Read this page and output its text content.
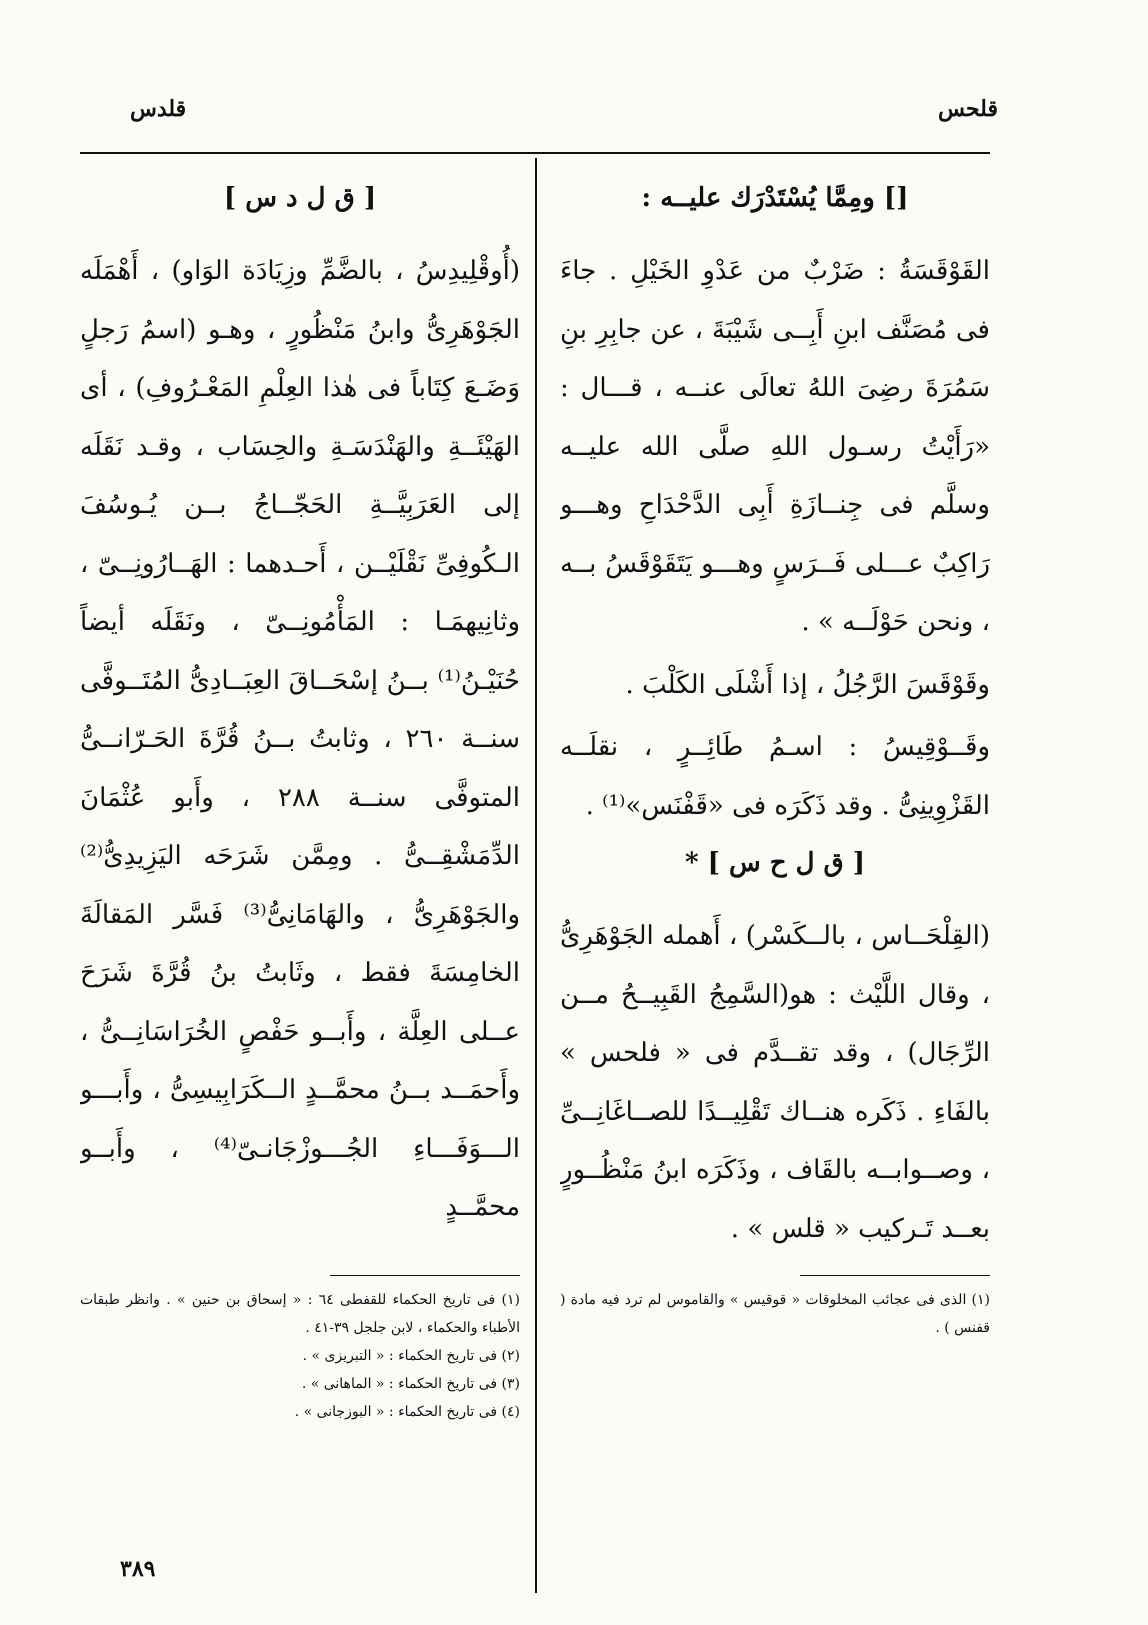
قلحس
قلدس
[] ومِمَّا يُسْتَدْرَك عليــه :

القَوْقَسَةُ : ضَرْبٌ من عَدْوِ الخَيْلِ . جاءَ فى مُصَنَّف ابنِ أَبِــى شَيْبَةَ ، عن جابِرِ بنِ سَمُرَةَ رضِىَ اللهُ تعالَى عنــه ، قـــال : «رَأَيْتُ رسـول اللهِ صلَّى الله عليــه وسلَّم فى جِنــازَةِ أَبِى الدَّحْدَاحِ وهـــو رَاكِبٌ عـــلى فَــرَسٍ وهـــو يَتَقَوْقَسُ بــه ، ونحن حَوْلَــه » .

وقَوْقَسَ الرَّجُلُ ، إذا أَشْلَى الكَلْبَ .

وقَــوْقِيسُ : اسـمُ طَائِــرٍ ، نقلَــه القَزْوِينِىُّ . وقد ذَكَرَه فى «قَفْنَس»⁽¹⁾ .

[ ق ل ح س ] *

(القِلْحَــاس ، بالــكَسْر) ، أَهمله الجَوْهَرِىُّ ، وقال اللَّيْث : هو(السَّمِجُ القَبِيــحُ مــن الرِّجَال) ، وقد تقــدَّم فى « فلحس » بالفَاءِ . ذَكَره هنــاك تَقْلِيــدًا للصــاغَانِــىِّ ، وصــوابــه بالقَاف ، وذَكَرَه ابنُ مَنْظُــورٍ بعــد تَـركيب « قلس » .

(١) الذى فى عجائب المخلوقات « قوقيس » والقاموس لم ترد فيه مادة ( قفنس ) .

[ ق ل د س ]

(أُوقْلِيدِسُ ، بالضَّمِّ وزِيَادَة الوَاو) ، أَهْمَلَه الجَوْهَرِىُّ وابنُ مَنْظُورٍ ، وهـو (اسمُ رَجلٍ وَضَـعَ كِتَاباً فى هٰذا العِلْمِ المَعْـرُوفِ) ، أى الهَيْئَــةِ والهَنْدَسَـةِ والحِسَاب ، وقـد نَقَلَه إلى العَرَبِيَّــةِ الحَجّــاجُ بــن يُـوسُفَ الـكُوفِىِّ نَقْلَيْــن ، أَحـدهما : الهَــارُونِــىّ ، وثانِيهمَـا : المَأْمُونِــىّ ، ونَقَلَه أيضاً حُنَيْـنُ⁽¹⁾ بــنُ إسْحَــاقَ العِبَــادِىُّ المُتَــوفَّى سنــة ٢٦٠ ، وثابتُ بــنُ قُرَّةَ الحَـرّانــىُّ المتوفَّى سنــة ٢٨٨ ، وأَبو عُثْمَانَ الدِّمَشْقِــىُّ . ومِمَّن شَرَحَه اليَزِيدِىُّ⁽²⁾ والجَوْهَرِىُّ ، والهَامَانِىُّ⁽³⁾ فَسَّر المَقالَةَ الخامِسَةَ فقط ، وثَابتُ بنُ قُرَّةَ شَرَحَ عــلى العِلَّة ، وأَبــو حَفْصٍ الخُرَاسَانِــىُّ ، وأَحمَــد بــنُ محمَّــدٍ الــكَرَابِيسِىُّ ، وأَبـــو الـــوَفَـــاءِ الجُـــوزْجَانـىّ⁽⁴⁾ ، وأَبــو محمَّــدٍ

(١) فى تاريخ الحكماء للقفطى ٦٤ : « إسحاق بن حنين » . وانظر طبقات الأطباء والحكماء ، لابن جلجل ٣٩-٤١ .

(٢) فى تاريخ الحكماء : « التبريزى » .

(٣) فى تاريخ الحكماء : « الماهانى » .

(٤) فى تاريخ الحكماء : « البوزجانى » .

٣٨٩
